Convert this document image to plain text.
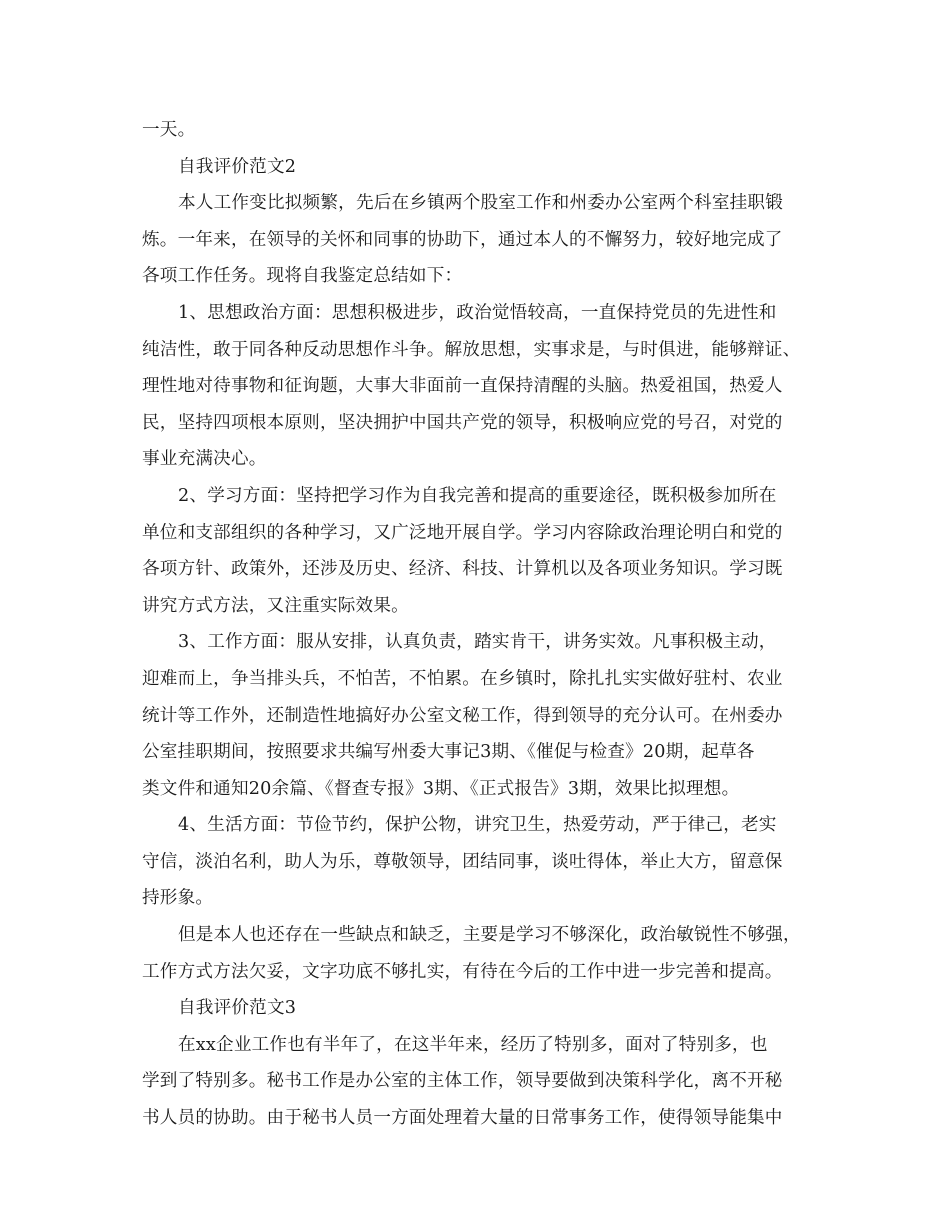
一天。

自我评价范文2

本人工作变比拟频繁，先后在乡镇两个股室工作和州委办公室两个科室挂职锻

炼。一年来，在领导的关怀和同事的协助下，通过本人的不懈努力，较好地完成了

各项工作任务。现将自我鉴定总结如下：

1、思想政治方面：思想积极进步，政治觉悟较高，一直保持党员的先进性和

纯洁性，敢于同各种反动思想作斗争。解放思想，实事求是，与时俱进，能够辩证、

理性地对待事物和征询题，大事大非面前一直保持清醒的头脑。热爱祖国，热爱人

民，坚持四项根本原则，坚决拥护中国共产党的领导，积极响应党的号召，对党的

事业充满决心。

2、学习方面：坚持把学习作为自我完善和提高的重要途径，既积极参加所在

单位和支部组织的各种学习，又广泛地开展自学。学习内容除政治理论明白和党的

各项方针、政策外，还涉及历史、经济、科技、计算机以及各项业务知识。学习既

讲究方式方法，又注重实际效果。

3、工作方面：服从安排，认真负责，踏实肯干，讲务实效。凡事积极主动，

迎难而上，争当排头兵，不怕苦，不怕累。在乡镇时，除扎扎实实做好驻村、农业

统计等工作外，还制造性地搞好办公室文秘工作，得到领导的充分认可。在州委办

公室挂职期间，按照要求共编写州委大事记3期、《催促与检查》20期，起草各

类文件和通知20余篇、《督查专报》3期、《正式报告》3期，效果比拟理想。

4、生活方面：节俭节约，保护公物，讲究卫生，热爱劳动，严于律己，老实

守信，淡泊名利，助人为乐，尊敬领导，团结同事，谈吐得体，举止大方，留意保

持形象。

但是本人也还存在一些缺点和缺乏，主要是学习不够深化，政治敏锐性不够强，

工作方式方法欠妥，文字功底不够扎实，有待在今后的工作中进一步完善和提高。

自我评价范文3

在xx企业工作也有半年了，在这半年来，经历了特别多，面对了特别多，也

学到了特别多。秘书工作是办公室的主体工作，领导要做到决策科学化，离不开秘

书人员的协助。由于秘书人员一方面处理着大量的日常事务工作，使得领导能集中
